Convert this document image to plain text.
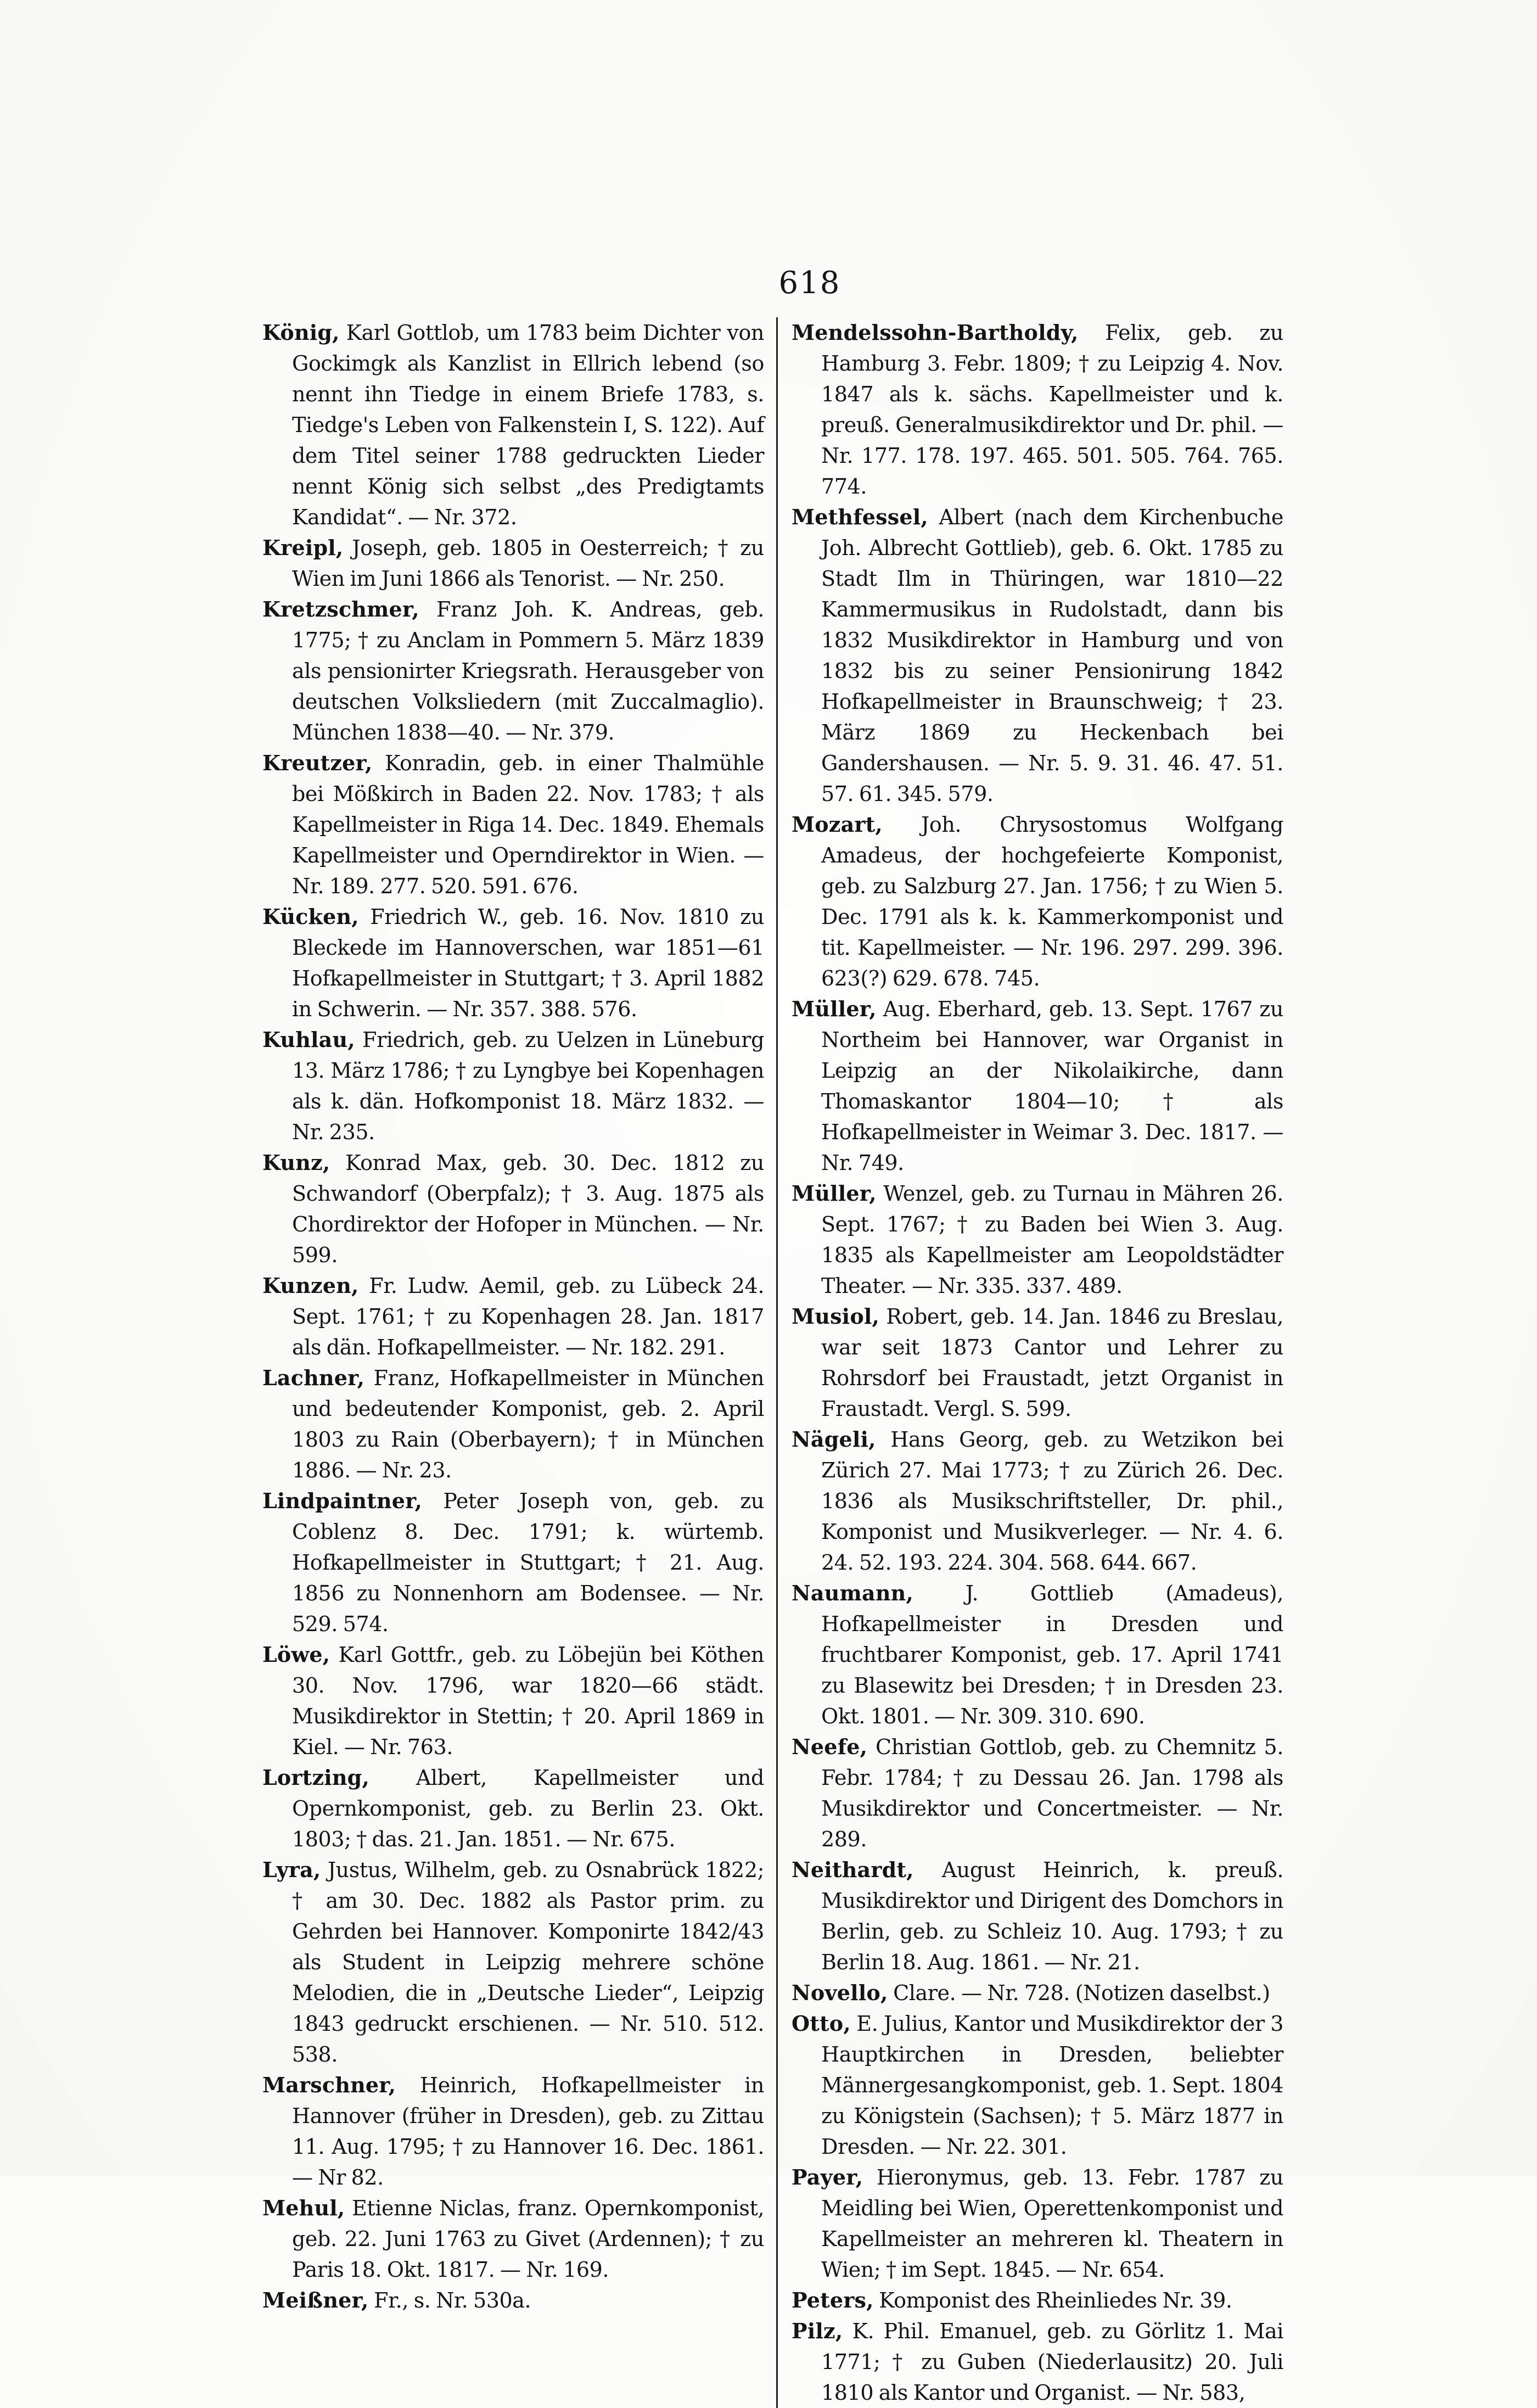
618

König, Karl Gottlob, um 1783 beim Dichter von Gockimgk als Kanzlist in Ellrich lebend (so nennt ihn Tiedge in einem Briefe 1783, s. Tiedge's Leben von Falkenstein I, S. 122). Auf dem Titel seiner 1788 gedruckten Lieder nennt König sich selbst „des Predigtamts Kandidat“. — Nr. 372.

Kreipl, Joseph, geb. 1805 in Oesterreich; † zu Wien im Juni 1866 als Tenorist. — Nr. 250.

Kretzschmer, Franz Joh. K. Andreas, geb. 1775; † zu Anclam in Pommern 5. März 1839 als pensionirter Kriegsrath. Herausgeber von deutschen Volksliedern (mit Zuccalmaglio). München 1838—40. — Nr. 379.

Kreutzer, Konradin, geb. in einer Thalmühle bei Mößkirch in Baden 22. Nov. 1783; † als Kapellmeister in Riga 14. Dec. 1849. Ehemals Kapellmeister und Operndirektor in Wien. — Nr. 189. 277. 520. 591. 676.

Kücken, Friedrich W., geb. 16. Nov. 1810 zu Bleckede im Hannoverschen, war 1851—61 Hofkapellmeister in Stuttgart; † 3. April 1882 in Schwerin. — Nr. 357. 388. 576.

Kuhlau, Friedrich, geb. zu Uelzen in Lüneburg 13. März 1786; † zu Lyngbye bei Kopenhagen als k. dän. Hofkomponist 18. März 1832. — Nr. 235.

Kunz, Konrad Max, geb. 30. Dec. 1812 zu Schwandorf (Oberpfalz); † 3. Aug. 1875 als Chordirektor der Hofoper in München. — Nr. 599.

Kunzen, Fr. Ludw. Aemil, geb. zu Lübeck 24. Sept. 1761; † zu Kopenhagen 28. Jan. 1817 als dän. Hofkapellmeister. — Nr. 182. 291.

Lachner, Franz, Hofkapellmeister in München und bedeutender Komponist, geb. 2. April 1803 zu Rain (Oberbayern); † in München 1886. — Nr. 23.

Lindpaintner, Peter Joseph von, geb. zu Coblenz 8. Dec. 1791; k. würtemb. Hofkapellmeister in Stuttgart; † 21. Aug. 1856 zu Nonnenhorn am Bodensee. — Nr. 529. 574.

Löwe, Karl Gottfr., geb. zu Löbejün bei Köthen 30. Nov. 1796, war 1820—66 städt. Musikdirektor in Stettin; † 20. April 1869 in Kiel. — Nr. 763.

Lortzing, Albert, Kapellmeister und Opernkomponist, geb. zu Berlin 23. Okt. 1803; † das. 21. Jan. 1851. — Nr. 675.

Lyra, Justus, Wilhelm, geb. zu Osnabrück 1822; † am 30. Dec. 1882 als Pastor prim. zu Gehrden bei Hannover. Komponirte 1842/43 als Student in Leipzig mehrere schöne Melodien, die in „Deutsche Lieder“, Leipzig 1843 gedruckt erschienen. — Nr. 510. 512. 538.

Marschner, Heinrich, Hofkapellmeister in Hannover (früher in Dresden), geb. zu Zittau 11. Aug. 1795; † zu Hannover 16. Dec. 1861. — Nr 82.

Mehul, Etienne Niclas, franz. Opernkomponist, geb. 22. Juni 1763 zu Givet (Ardennen); † zu Paris 18. Okt. 1817. — Nr. 169.

Meißner, Fr., s. Nr. 530a.

Mendelssohn-Bartholdy, Felix, geb. zu Hamburg 3. Febr. 1809; † zu Leipzig 4. Nov. 1847 als k. sächs. Kapellmeister und k. preuß. Generalmusikdirektor und Dr. phil. — Nr. 177. 178. 197. 465. 501. 505. 764. 765. 774.

Methfessel, Albert (nach dem Kirchenbuche Joh. Albrecht Gottlieb), geb. 6. Okt. 1785 zu Stadt Ilm in Thüringen, war 1810—22 Kammermusikus in Rudolstadt, dann bis 1832 Musikdirektor in Hamburg und von 1832 bis zu seiner Pensionirung 1842 Hofkapellmeister in Braunschweig; † 23. März 1869 zu Heckenbach bei Gandershausen. — Nr. 5. 9. 31. 46. 47. 51. 57. 61. 345. 579.

Mozart, Joh. Chrysostomus Wolfgang Amadeus, der hochgefeierte Komponist, geb. zu Salzburg 27. Jan. 1756; † zu Wien 5. Dec. 1791 als k. k. Kammerkomponist und tit. Kapellmeister. — Nr. 196. 297. 299. 396. 623(?) 629. 678. 745.

Müller, Aug. Eberhard, geb. 13. Sept. 1767 zu Northeim bei Hannover, war Organist in Leipzig an der Nikolaikirche, dann Thomaskantor 1804—10; † als Hofkapellmeister in Weimar 3. Dec. 1817. — Nr. 749.

Müller, Wenzel, geb. zu Turnau in Mähren 26. Sept. 1767; † zu Baden bei Wien 3. Aug. 1835 als Kapellmeister am Leopoldstädter Theater. — Nr. 335. 337. 489.

Musiol, Robert, geb. 14. Jan. 1846 zu Breslau, war seit 1873 Cantor und Lehrer zu Rohrsdorf bei Fraustadt, jetzt Organist in Fraustadt. Vergl. S. 599.

Nägeli, Hans Georg, geb. zu Wetzikon bei Zürich 27. Mai 1773; † zu Zürich 26. Dec. 1836 als Musikschriftsteller, Dr. phil., Komponist und Musikverleger. — Nr. 4. 6. 24. 52. 193. 224. 304. 568. 644. 667.

Naumann, J. Gottlieb (Amadeus), Hofkapellmeister in Dresden und fruchtbarer Komponist, geb. 17. April 1741 zu Blasewitz bei Dresden; † in Dresden 23. Okt. 1801. — Nr. 309. 310. 690.

Neefe, Christian Gottlob, geb. zu Chemnitz 5. Febr. 1784; † zu Dessau 26. Jan. 1798 als Musikdirektor und Concertmeister. — Nr. 289.

Neithardt, August Heinrich, k. preuß. Musikdirektor und Dirigent des Domchors in Berlin, geb. zu Schleiz 10. Aug. 1793; † zu Berlin 18. Aug. 1861. — Nr. 21.

Novello, Clare. — Nr. 728. (Notizen daselbst.)

Otto, E. Julius, Kantor und Musikdirektor der 3 Hauptkirchen in Dresden, beliebter Männergesangkomponist, geb. 1. Sept. 1804 zu Königstein (Sachsen); † 5. März 1877 in Dresden. — Nr. 22. 301.

Payer, Hieronymus, geb. 13. Febr. 1787 zu Meidling bei Wien, Operettenkomponist und Kapellmeister an mehreren kl. Theatern in Wien; † im Sept. 1845. — Nr. 654.

Peters, Komponist des Rheinliedes Nr. 39.

Pilz, K. Phil. Emanuel, geb. zu Görlitz 1. Mai 1771; † zu Guben (Niederlausitz) 20. Juli 1810 als Kantor und Organist. — Nr. 583,
